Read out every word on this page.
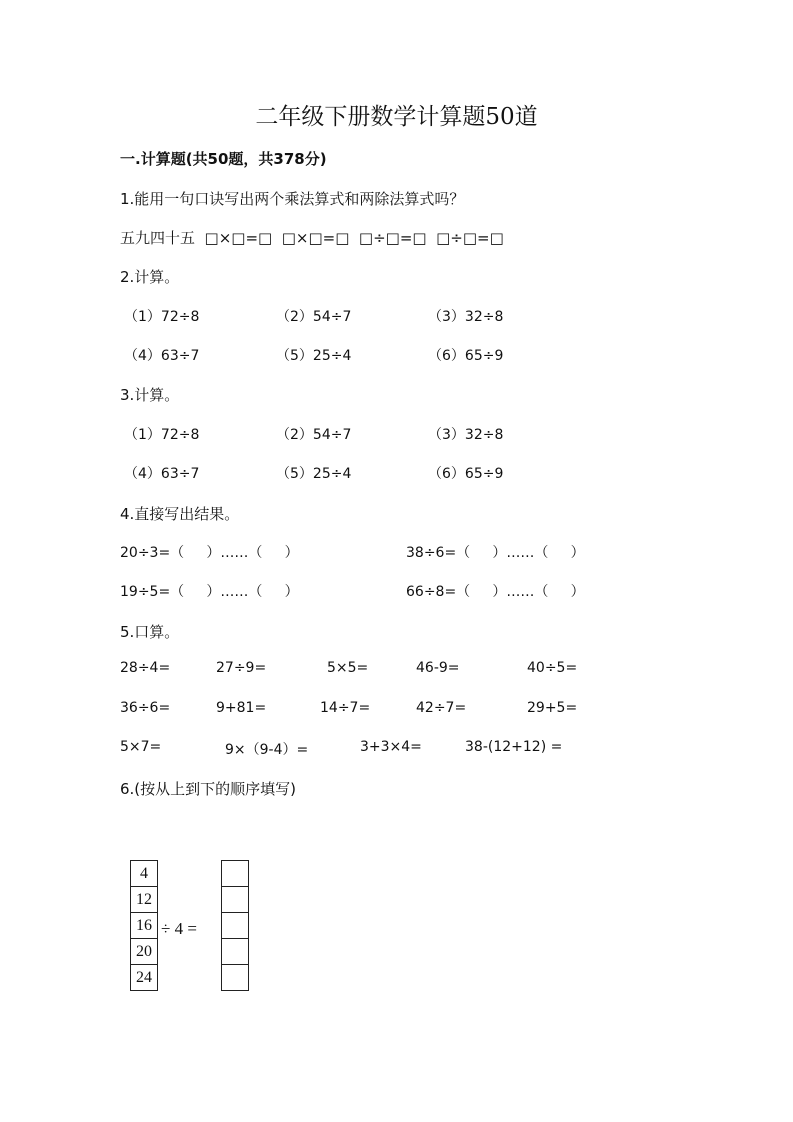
二年级下册数学计算题50道
一.计算题(共50题，共378分)
1.能用一句口诀写出两个乘法算式和两除法算式吗？
五九四十五  □×□=□  □×□=□  □÷□=□  □÷□=□
2.计算。
（1）72÷8	（2）54÷7	（3）32÷8
（4）63÷7	（5）25÷4	（6）65÷9
3.计算。
（1）72÷8	（2）54÷7	（3）32÷8
（4）63÷7	（5）25÷4	（6）65÷9
4.直接写出结果。
20÷3=（     ）……（     ）	38÷6=（     ）……（     ）
19÷5=（     ）……（     ）	66÷8=（     ）……（     ）
5.口算。
28÷4=	27÷9=	5×5=	46-9=	40÷5=
36÷6=	9+81=	14÷7=	42÷7=	29+5=
5×7=	9×（9-4）=	3+3×4=	38-(12+12) =
6.(按从上到下的顺序填写)
4
12
16
20
24
÷ 4 =
